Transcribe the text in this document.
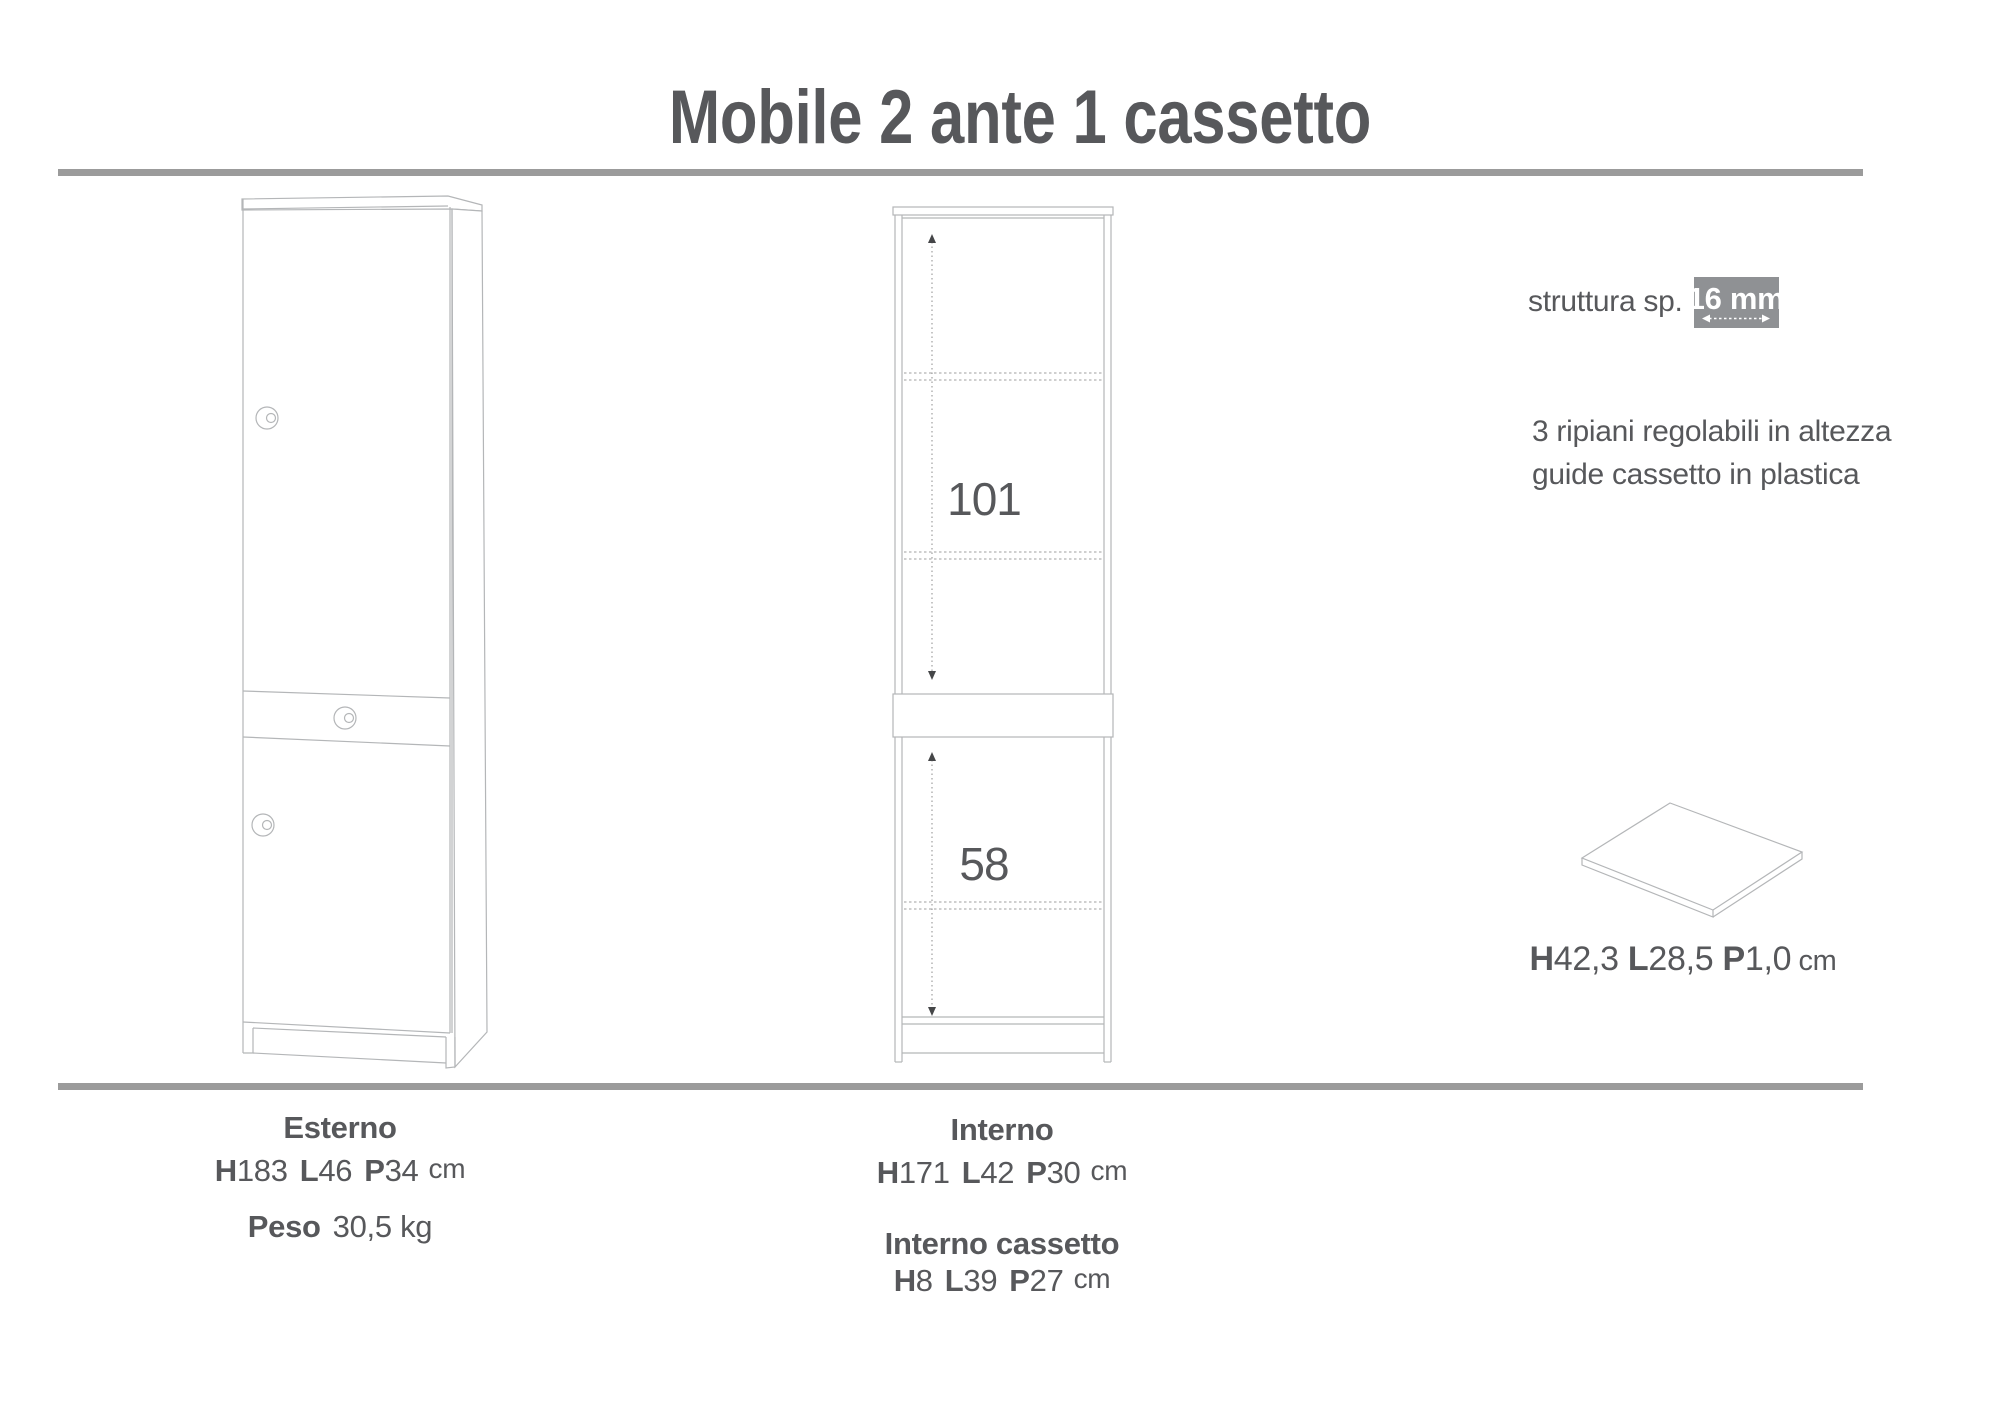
Mobile 2 ante 1 cassetto
101
58
struttura sp. 16 mm
3 ripiani regolabili in altezza
guide cassetto in plastica
H42,3 L28,5 P1,0 cm
Esterno
H183 L46 P34 cm
Peso 30,5 kg
Interno
H171 L42 P30 cm
Interno cassetto
H8 L39 P27 cm
